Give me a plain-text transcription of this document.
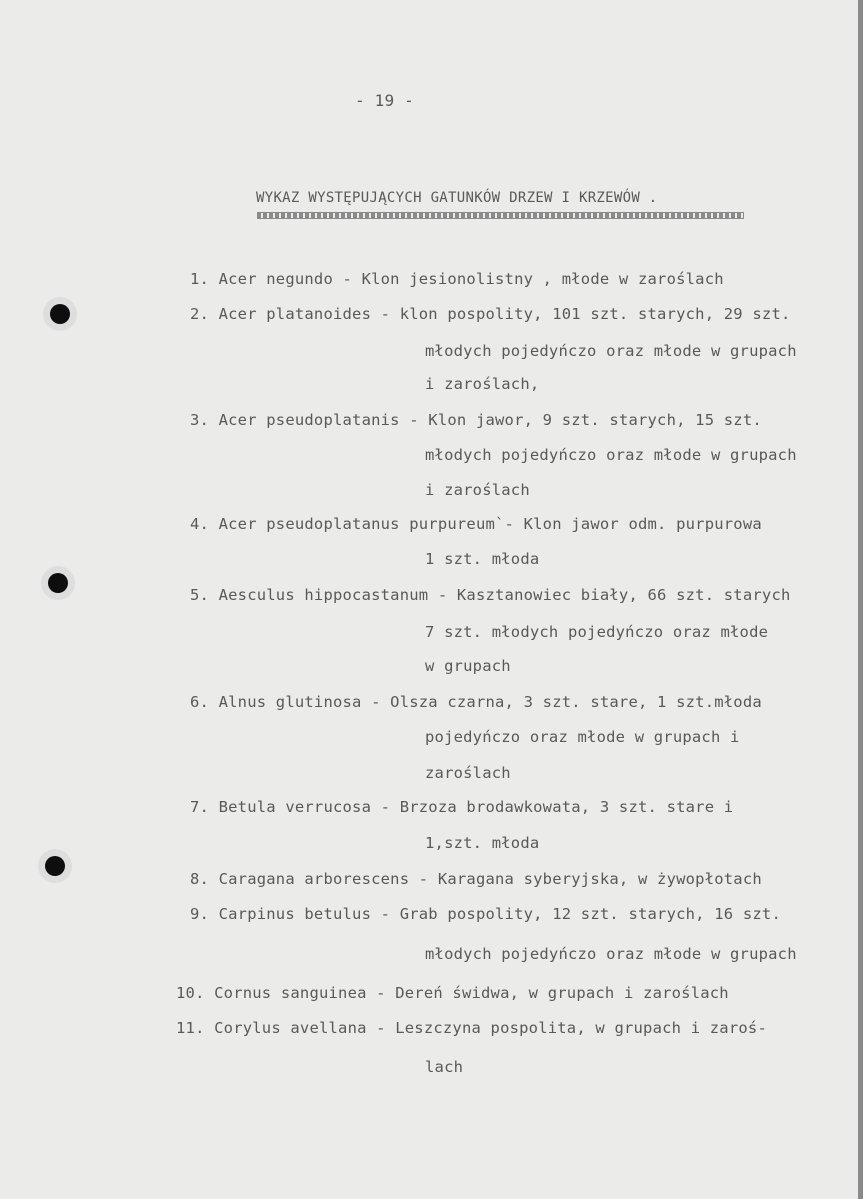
- 19 -
WYKAZ WYSTĘPUJĄCYCH GATUNKÓW DRZEW I KRZEWÓW .
1. Acer negundo - Klon jesionolistny , młode w zaroślach
2. Acer platanoides - klon pospolity, 101 szt. starych, 29 szt.
młodych pojedyńczo oraz młode w grupach
i zaroślach,
3. Acer pseudoplatanis - Klon jawor, 9 szt. starych, 15 szt.
młodych pojedyńczo oraz młode w grupach
i zaroślach
4. Acer pseudoplatanus purpureum`- Klon jawor odm. purpurowa
1 szt. młoda
5. Aesculus hippocastanum - Kasztanowiec biały, 66 szt. starych
7 szt. młodych pojedyńczo oraz młode
w grupach
6. Alnus glutinosa - Olsza czarna, 3 szt. stare, 1 szt.młoda
pojedyńczo oraz młode w grupach i
zaroślach
7. Betula verrucosa - Brzoza brodawkowata, 3 szt. stare i
1,szt. młoda
8. Caragana arborescens - Karagana syberyjska, w żywopłotach
9. Carpinus betulus - Grab pospolity, 12 szt. starych, 16 szt.
młodych pojedyńczo oraz młode w grupach
10. Cornus sanguinea - Dereń świdwa, w grupach i zaroślach
11. Corylus avellana - Leszczyna pospolita, w grupach i zaroś-
lach
